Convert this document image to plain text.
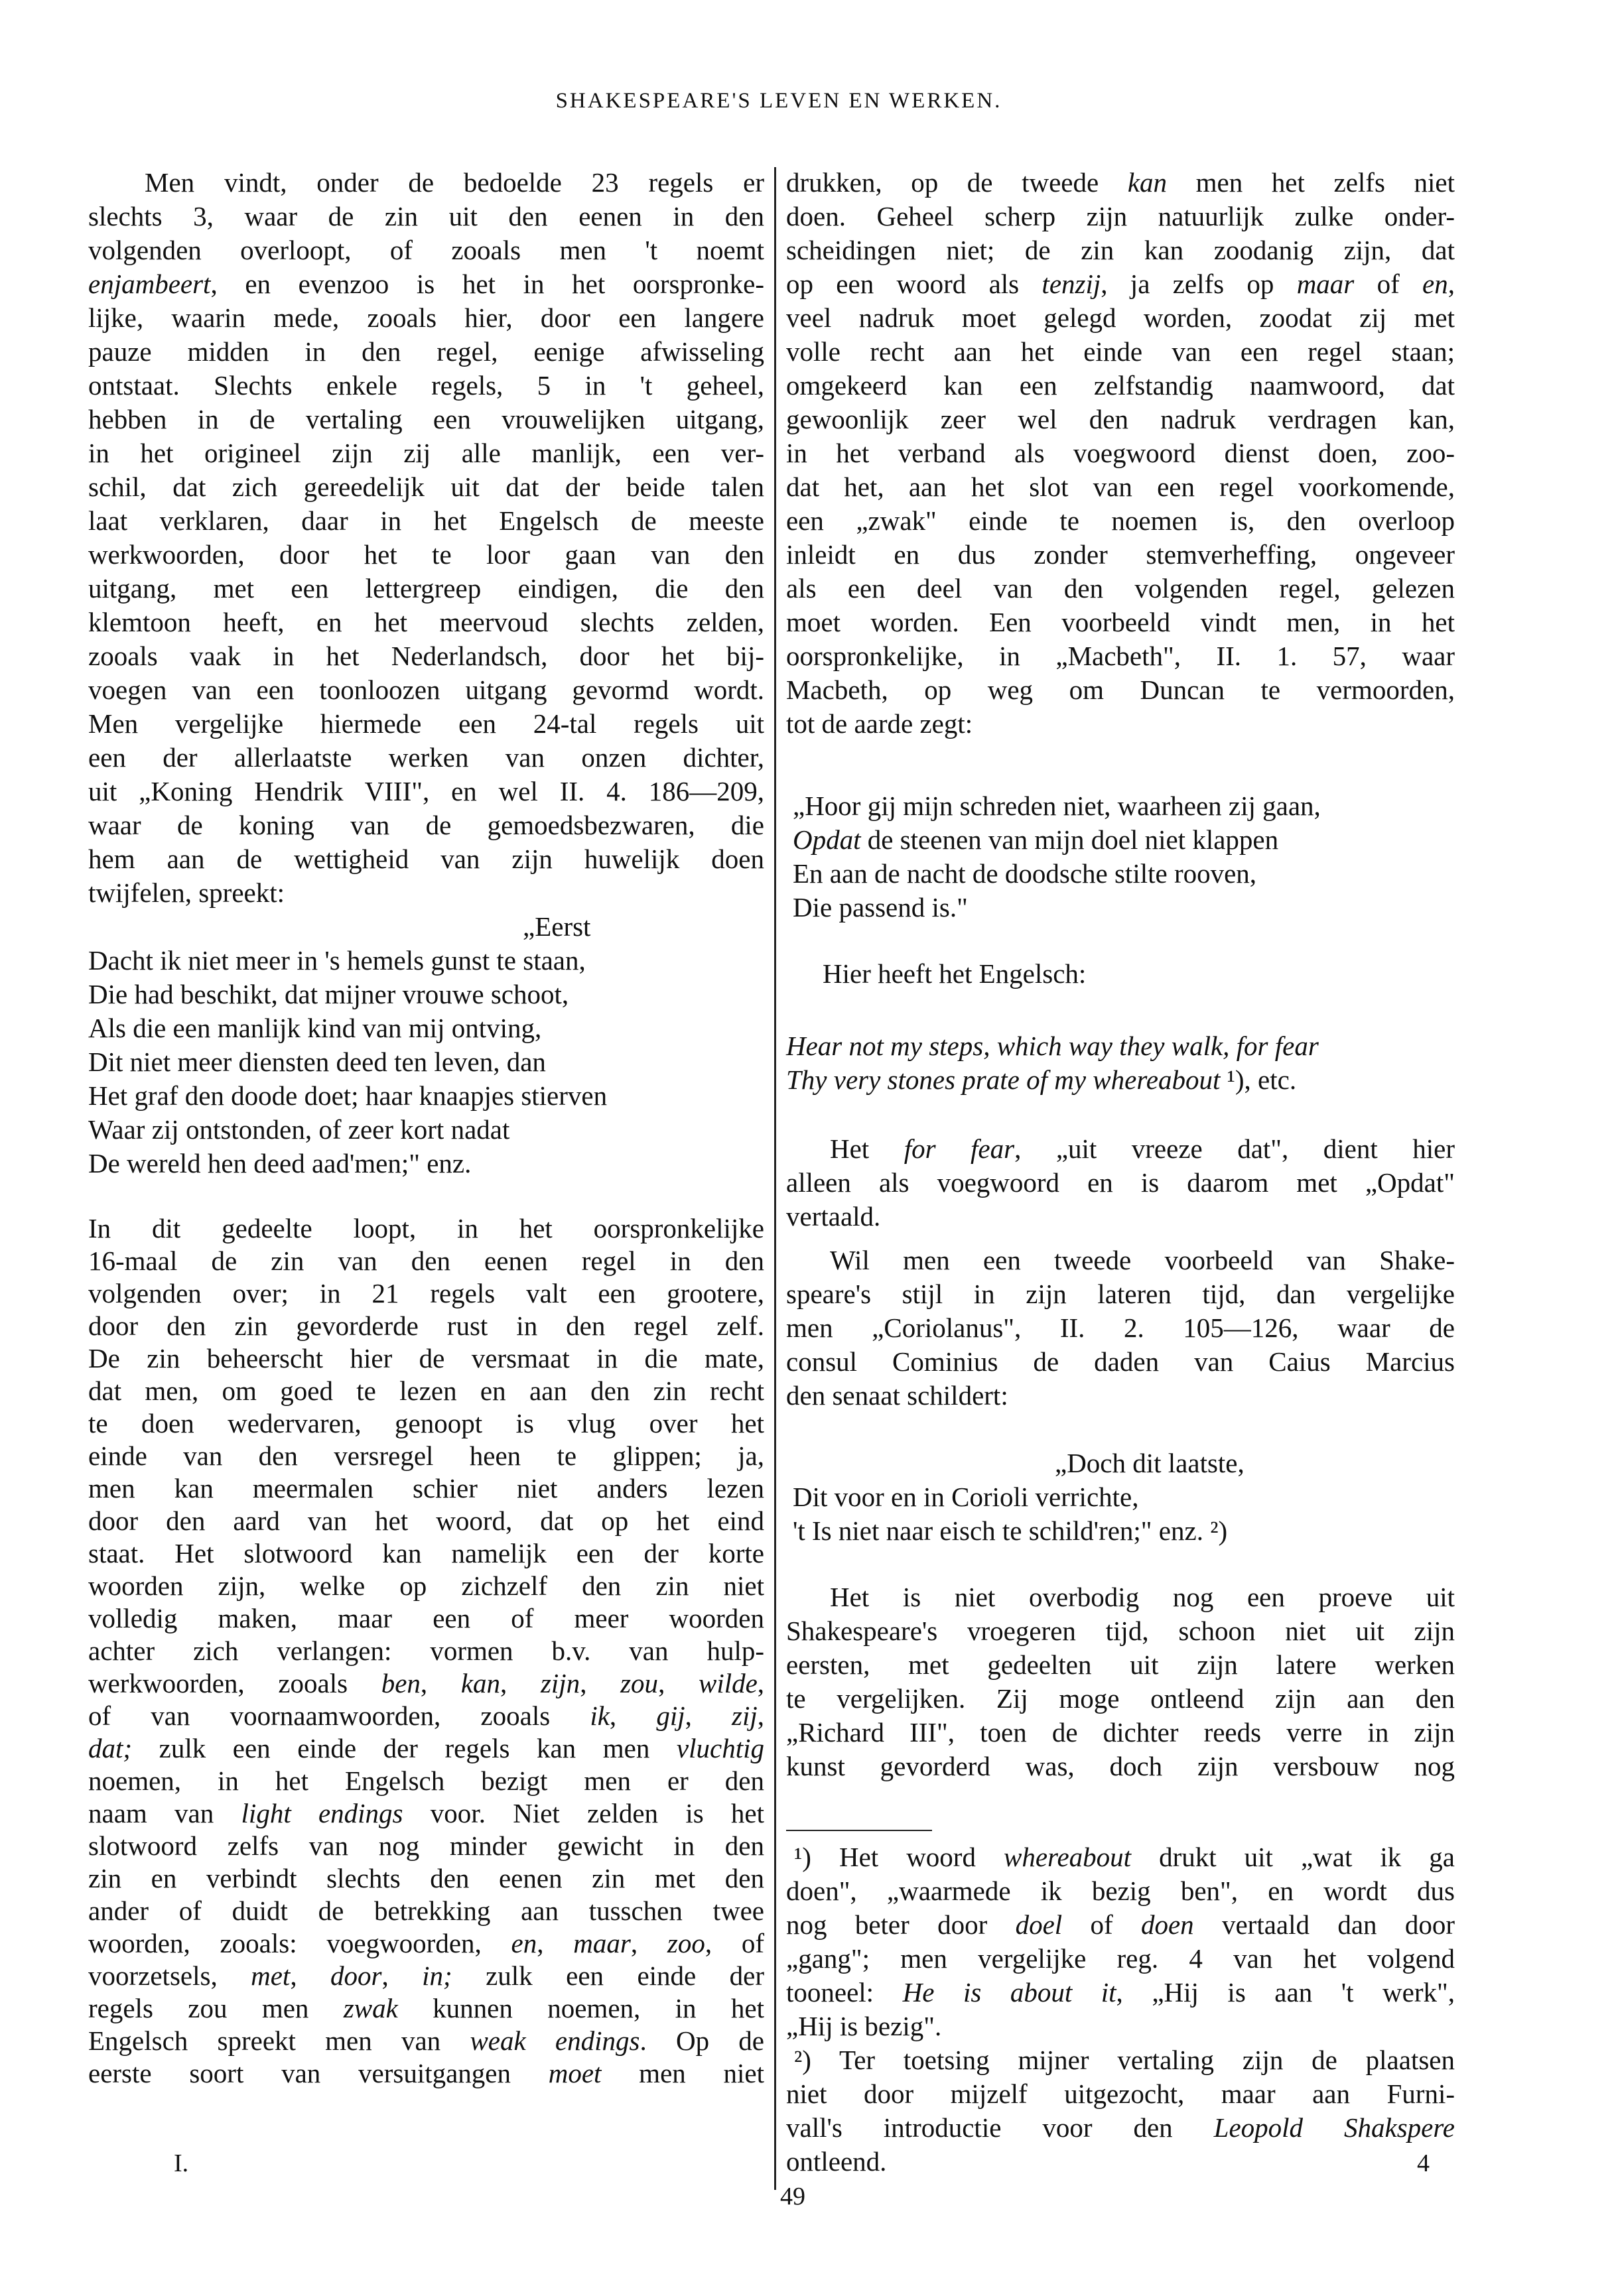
SHAKESPEARE'S LEVEN EN WERKEN.
Men vindt, onder de bedoelde 23 regels er
slechts 3, waar de zin uit den eenen in den
volgenden overloopt, of zooals men 't noemt
enjambeert, en evenzoo is het in het oorspronke-
lijke, waarin mede, zooals hier, door een langere
pauze midden in den regel, eenige afwisseling
ontstaat. Slechts enkele regels, 5 in 't geheel,
hebben in de vertaling een vrouwelijken uitgang,
in het origineel zijn zij alle manlijk, een ver-
schil, dat zich gereedelijk uit dat der beide talen
laat verklaren, daar in het Engelsch de meeste
werkwoorden, door het te loor gaan van den
uitgang, met een lettergreep eindigen, die den
klemtoon heeft, en het meervoud slechts zelden,
zooals vaak in het Nederlandsch, door het bij-
voegen van een toonloozen uitgang gevormd wordt.
Men vergelijke hiermede een 24-tal regels uit
een der allerlaatste werken van onzen dichter,
uit „Koning Hendrik VIII", en wel II. 4. 186—209,
waar de koning van de gemoedsbezwaren, die
hem aan de wettigheid van zijn huwelijk doen
twijfelen, spreekt:
„Eerst
Dacht ik niet meer in 's hemels gunst te staan,
Die had beschikt, dat mijner vrouwe schoot,
Als die een manlijk kind van mij ontving,
Dit niet meer diensten deed ten leven, dan
Het graf den doode doet; haar knaapjes stierven
Waar zij ontstonden, of zeer kort nadat
De wereld hen deed aad'men;" enz.
In dit gedeelte loopt, in het oorspronkelijke
16-maal de zin van den eenen regel in den
volgenden over; in 21 regels valt een grootere,
door den zin gevorderde rust in den regel zelf.
De zin beheerscht hier de versmaat in die mate,
dat men, om goed te lezen en aan den zin recht
te doen wedervaren, genoopt is vlug over het
einde van den versregel heen te glippen; ja,
men kan meermalen schier niet anders lezen
door den aard van het woord, dat op het eind
staat. Het slotwoord kan namelijk een der korte
woorden zijn, welke op zichzelf den zin niet
volledig maken, maar een of meer woorden
achter zich verlangen: vormen b.v. van hulp-
werkwoorden, zooals ben, kan, zijn, zou, wilde,
of van voornaamwoorden, zooals ik, gij, zij,
dat; zulk een einde der regels kan men vluchtig
noemen, in het Engelsch bezigt men er den
naam van light endings voor. Niet zelden is het
slotwoord zelfs van nog minder gewicht in den
zin en verbindt slechts den eenen zin met den
ander of duidt de betrekking aan tusschen twee
woorden, zooals: voegwoorden, en, maar, zoo, of
voorzetsels, met, door, in; zulk een einde der
regels zou men zwak kunnen noemen, in het
Engelsch spreekt men van weak endings. Op de
eerste soort van versuitgangen moet men niet
drukken, op de tweede kan men het zelfs niet
doen. Geheel scherp zijn natuurlijk zulke onder-
scheidingen niet; de zin kan zoodanig zijn, dat
op een woord als tenzij, ja zelfs op maar of en,
veel nadruk moet gelegd worden, zoodat zij met
volle recht aan het einde van een regel staan;
omgekeerd kan een zelfstandig naamwoord, dat
gewoonlijk zeer wel den nadruk verdragen kan,
in het verband als voegwoord dienst doen, zoo-
dat het, aan het slot van een regel voorkomende,
een „zwak" einde te noemen is, den overloop
inleidt en dus zonder stemverheffing, ongeveer
als een deel van den volgenden regel, gelezen
moet worden. Een voorbeeld vindt men, in het
oorspronkelijke, in „Macbeth", II. 1. 57, waar
Macbeth, op weg om Duncan te vermoorden,
tot de aarde zegt:
„Hoor gij mijn schreden niet, waarheen zij gaan,
Opdat de steenen van mijn doel niet klappen
En aan de nacht de doodsche stilte rooven,
Die passend is."
Hier heeft het Engelsch:
Hear not my steps, which way they walk, for fear
Thy very stones prate of my whereabout ¹), etc.
Het for fear, „uit vreeze dat", dient hier
alleen als voegwoord en is daarom met „Opdat"
vertaald.
Wil men een tweede voorbeeld van Shake-
speare's stijl in zijn lateren tijd, dan vergelijke
men „Coriolanus", II. 2. 105—126, waar de
consul Cominius de daden van Caius Marcius
den senaat schildert:
„Doch dit laatste,
Dit voor en in Corioli verrichte,
't Is niet naar eisch te schild'ren;" enz. ²)
Het is niet overbodig nog een proeve uit
Shakespeare's vroegeren tijd, schoon niet uit zijn
eersten, met gedeelten uit zijn latere werken
te vergelijken. Zij moge ontleend zijn aan den
„Richard III", toen de dichter reeds verre in zijn
kunst gevorderd was, doch zijn versbouw nog
¹) Het woord whereabout drukt uit „wat ik ga
doen", „waarmede ik bezig ben", en wordt dus
nog beter door doel of doen vertaald dan door
„gang"; men vergelijke reg. 4 van het volgend
tooneel: He is about it, „Hij is aan 't werk",
„Hij is bezig".
²) Ter toetsing mijner vertaling zijn de plaatsen
niet door mijzelf uitgezocht, maar aan Furni-
vall's introductie voor den Leopold Shakspere
ontleend.
I.
49
4
